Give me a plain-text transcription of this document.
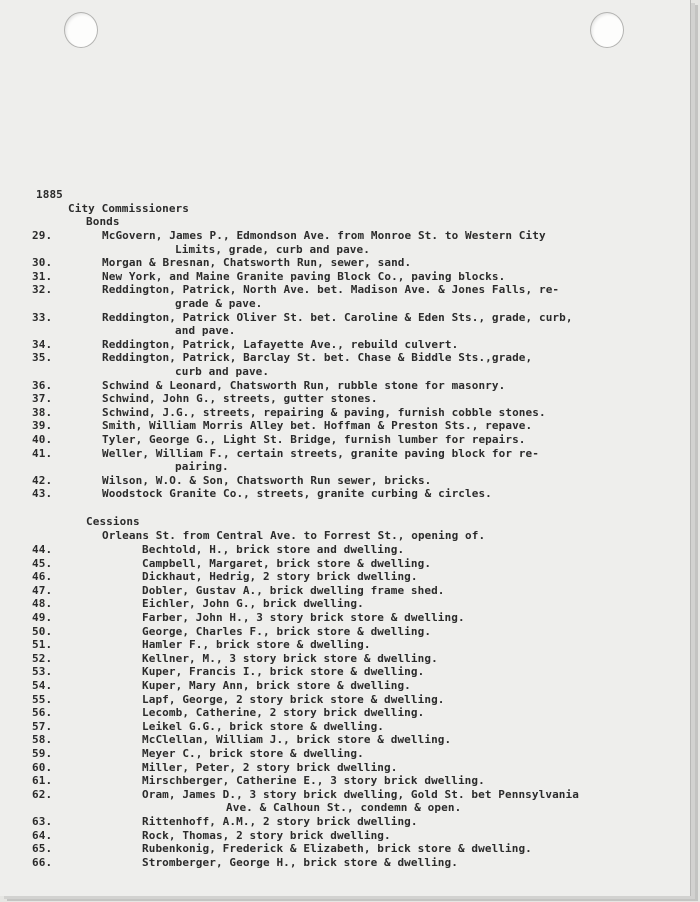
1885
City Commissioners
Bonds
Cessions
Orleans St. from Central Ave. to Forrest St., opening of.
29.	McGovern, James P., Edmondson Ave. from Monroe St. to Western City
Limits, grade, curb and pave.
30.	Morgan & Bresnan, Chatsworth Run, sewer, sand.
31.	New York, and Maine Granite paving Block Co., paving blocks.
32.	Reddington, Patrick, North Ave. bet. Madison Ave. & Jones Falls, re-
grade & pave.
33.	Reddington, Patrick Oliver St. bet. Caroline & Eden Sts., grade, curb,
and pave.
34.	Reddington, Patrick, Lafayette Ave., rebuild culvert.
35.	Reddington, Patrick, Barclay St. bet. Chase & Biddle Sts.,grade,
curb and pave.
36.	Schwind & Leonard, Chatsworth Run, rubble stone for masonry.
37.	Schwind, John G., streets, gutter stones.
38.	Schwind, J.G., streets, repairing & paving, furnish cobble stones.
39.	Smith, William Morris Alley bet. Hoffman & Preston Sts., repave.
40.	Tyler, George G., Light St. Bridge, furnish lumber for repairs.
41.	Weller, William F., certain streets, granite paving block for re-
pairing.
42.	Wilson, W.O. & Son, Chatsworth Run sewer, bricks.
43.	Woodstock Granite Co., streets, granite curbing & circles.
44.	Bechtold, H., brick store and dwelling.
45.	Campbell, Margaret, brick store & dwelling.
46.	Dickhaut, Hedrig, 2 story brick dwelling.
47.	Dobler, Gustav A., brick dwelling frame shed.
48.	Eichler, John G., brick dwelling.
49.	Farber, John H., 3 story brick store & dwelling.
50.	George, Charles F., brick store & dwelling.
51.	Hamler F., brick store & dwelling.
52.	Kellner, M., 3 story brick store & dwelling.
53.	Kuper, Francis I., brick store & dwelling.
54.	Kuper, Mary Ann, brick store & dwelling.
55.	Lapf, George, 2 story brick store & dwelling.
56.	Lecomb, Catherine, 2 story brick dwelling.
57.	Leikel G.G., brick store & dwelling.
58.	McClellan, William J., brick store & dwelling.
59.	Meyer C., brick store & dwelling.
60.	Miller, Peter, 2 story brick dwelling.
61.	Mirschberger, Catherine E., 3 story brick dwelling.
62.	Oram, James D., 3 story brick dwelling, Gold St. bet Pennsylvania
Ave. & Calhoun St., condemn & open.
63.	Rittenhoff, A.M., 2 story brick dwelling.
64.	Rock, Thomas, 2 story brick dwelling.
65.	Rubenkonig, Frederick & Elizabeth, brick store & dwelling.
66.	Stromberger, George H., brick store & dwelling.
